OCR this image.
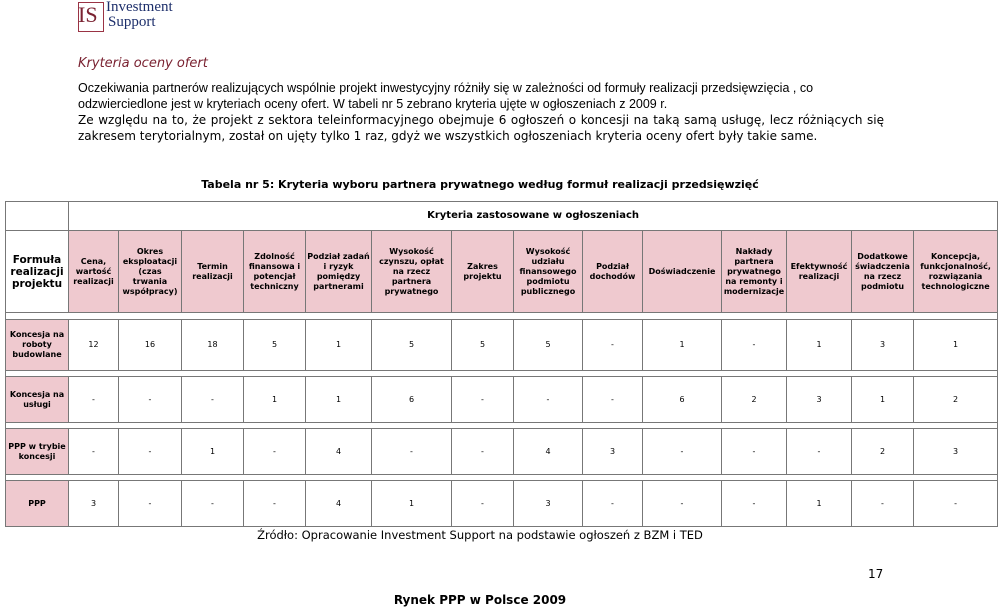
IS Investment
Support
Kryteria oceny ofert
Oczekiwania partnerów realizujących wspólnie projekt inwestycyjny różniły się w zależności od formuły realizacji przedsięwzięcia , co odzwierciedlone jest w kryteriach oceny ofert. W tabeli nr 5 zebrano kryteria ujęte w ogłoszeniach z 2009 r.
Ze względu na to, że projekt z sektora teleinformacyjnego obejmuje 6 ogłoszeń o koncesji na taką samą usługę, lecz różniących się zakresem terytorialnym, został on ujęty tylko 1 raz, gdyż we wszystkich ogłoszeniach kryteria oceny ofert były takie same.
Tabela nr 5: Kryteria wyboru partnera prywatnego według formuł realizacji przedsięwzięć
	Kryteria zastosowane w ogłoszeniach													
Formuła realizacji projektu	Cena, wartość realizacji	Okres eksploatacji (czas trwania współpracy)	Termin realizacji	Zdolność finansowa i potencjał techniczny	Podział zadań i ryzyk pomiędzy partnerami	Wysokość czynszu, opłat na rzecz partnera prywatnego	Zakres projektu	Wysokość udziału finansowego podmiotu publicznego	Podział dochodów	Doświadczenie	Nakłady partnera prywatnego na remonty i modernizacje	Efektywność realizacji	Dodatkowe świadczenia na rzecz podmiotu	Koncepcja, funkcjonalność, rozwiązania technologiczne

Koncesja na roboty budowlane	12	16	18	5	1	5	5	5	-	1	-	1	3	1

Koncesja na usługi	-	-	-	1	1	6	-	-	-	6	2	3	1	2

PPP w trybie koncesji	-	-	1	-	4	-	-	4	3	-	-	-	2	3

PPP	3	-	-	-	4	1	-	3	-	-	-	1	-	-
Źródło: Opracowanie Investment Support na podstawie ogłoszeń z BZM i TED
17
Rynek PPP w Polsce 2009
